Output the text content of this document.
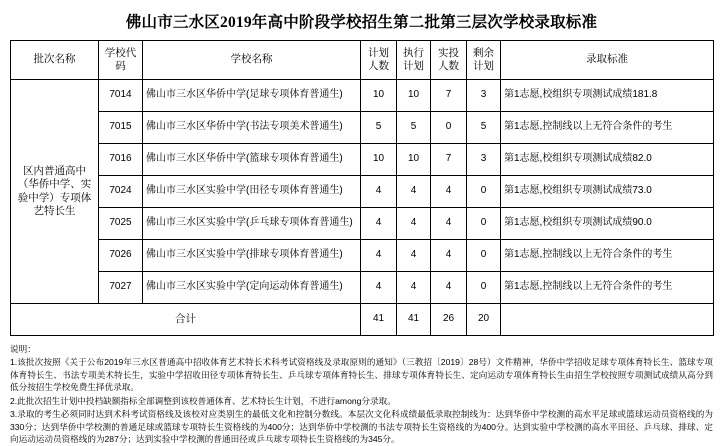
佛山市三水区2019年高中阶段学校招生第二批第三层次学校录取标准
批次名称	学校代码	学校名称	计划人数	执行计划	实投人数	剩余计划	录取标准
区内普通高中（华侨中学、实验中学）专项体艺特长生	7014	佛山市三水区华侨中学(足球专项体育普通生)	10	10	7	3	第1志愿,校组织专项测试成绩181.8
	7015	佛山市三水区华侨中学(书法专项美术普通生)	5	5	0	5	第1志愿,控制线以上无符合条件的考生
	7016	佛山市三水区华侨中学(篮球专项体育普通生)	10	10	7	3	第1志愿,校组织专项测试成绩82.0
	7024	佛山市三水区实验中学(田径专项体育普通生)	4	4	4	0	第1志愿,校组织专项测试成绩73.0
	7025	佛山市三水区实验中学(乒乓球专项体育普通生)	4	4	4	0	第1志愿,校组织专项测试成绩90.0
	7026	佛山市三水区实验中学(排球专项体育普通生)	4	4	4	0	第1志愿,控制线以上无符合条件的考生
	7027	佛山市三水区实验中学(定向运动体育普通生)	4	4	4	0	第1志愿,控制线以上无符合条件的考生
合计			41	41	26	20	
说明：

1.该批次按照《关于公布2019年三水区普通高中招收体育艺术特长术科考试资格线及录取原则的通知》（三教招〔2019〕28号）文件精神，华侨中学招收足球专项体育特长生、篮球专项体育特长生、书法专项美术特长生，实验中学招收田径专项体育特长生、乒乓球专项体育特长生、排球专项体育特长生、定向运动专项体育特长生由招生学校按照专项测试成绩从高分到低分按招生学校免费生择优录取。

2.此批次招生计划中投档缺额指标全部调整到该校普通体育、艺术特长生计划，不进行among分录取。

3.录取的考生必须同时达到术科考试资格线及该校对应类别生的最低文化和控制分数线。本层次文化科成绩最低录取控制线为：达到华侨中学校测的高水平足球或篮球运动员资格线的为330分；达到华侨中学校测的普通足球或篮球专项特长生资格线的为400分；达到华侨中学校测的书法专项特长生资格线的为400分。达到实验中学校测的高水平田径、乒乓球、排球、定向运动运动员资格线的为287分；达到实验中学校测的普通田径或乒乓球专项特长生资格线的为345分。
